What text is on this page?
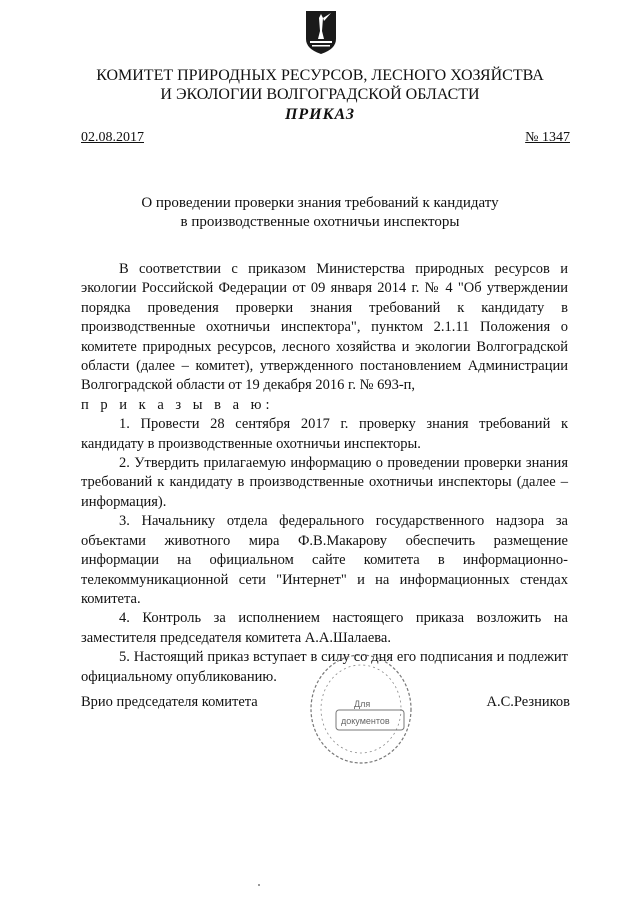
КОМИТЕТ ПРИРОДНЫХ РЕСУРСОВ, ЛЕСНОГО ХОЗЯЙСТВА
И ЭКОЛОГИИ ВОЛГОГРАДСКОЙ ОБЛАСТИ
ПРИКАЗ
02.08.2017	№ 1347
О проведении проверки знания требований к кандидату
в производственные охотничьи инспекторы

В соответствии с приказом Министерства природных ресурсов и экологии Российской Федерации от 09 января 2014 г. № 4 "Об утверждении порядка проведения проверки знания требований к кандидату в производственные охотничьи инспектора", пунктом 2.1.11 Положения о комитете природных ресурсов, лесного хозяйства и экологии Волгоградской области (далее – комитет), утвержденного постановлением Администрации Волгоградской области от 19 декабря 2016 г. № 693-п,

п р и к а з ы в а ю:

1. Провести 28 сентября 2017 г. проверку знания требований к кандидату в производственные охотничьи инспекторы.

2. Утвердить прилагаемую информацию о проведении проверки знания требований к кандидату в производственные охотничьи инспекторы (далее – информация).

3. Начальнику отдела федерального государственного надзора за объектами животного мира Ф.В.Макарову обеспечить размещение информации на официальном сайте комитета в информационно-телекоммуникационной сети "Интернет" и на информационных стендах комитета.

4. Контроль за исполнением настоящего приказа возложить на заместителя председателя комитета А.А.Шалаева.

5. Настоящий приказ вступает в силу со дня его подписания и подлежит официальному опубликованию.

Врио председателя комитета	А.С.Резников
Для
документов
